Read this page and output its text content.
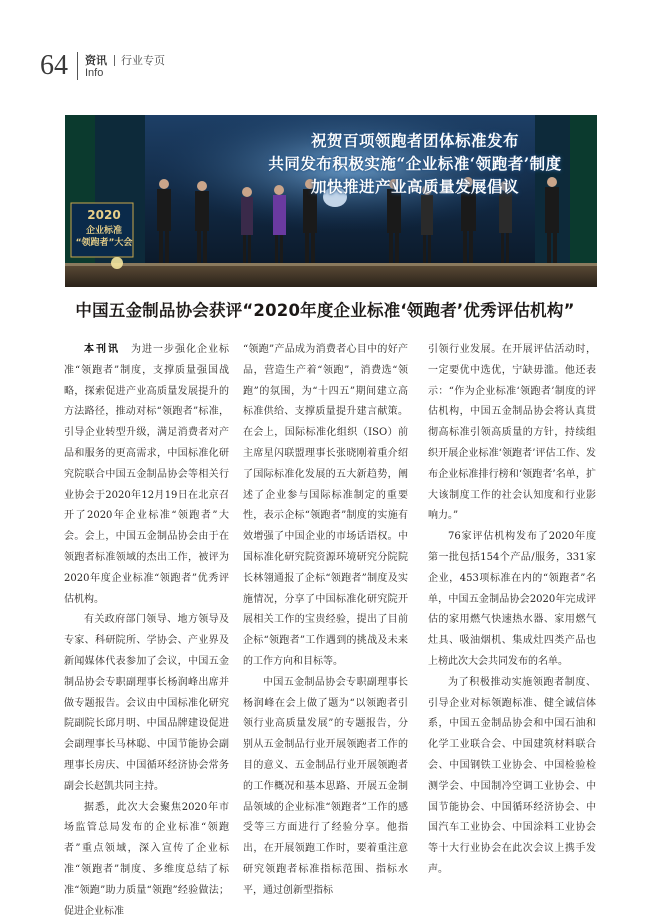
64 资讯 行业专页
Info
祝贺百项领跑者团体标准发布
共同发布积极实施“企业标准‘领跑者’制度
加快推进产业高质量发展倡议
2020
企业标准
“领跑者”大会
中国五金制品协会获评“2020年度企业标准‘领跑者’优秀评估机构”

本刊讯  为进一步强化企业标准“领跑者”制度，支撑质量强国战略，探索促进产业高质量发展提升的方法路径，推动对标“领跑者”标准，引导企业转型升级，满足消费者对产品和服务的更高需求，中国标准化研究院联合中国五金制品协会等相关行业协会于2020年12月19日在北京召开了2020年企业标准“领跑者”大会。会上，中国五金制品协会由于在领跑者标准领域的杰出工作，被评为2020年度企业标准“领跑者”优秀评估机构。

有关政府部门领导、地方领导及专家、科研院所、学协会、产业界及新闻媒体代表参加了会议，中国五金制品协会专职副理事长杨润峰出席并做专题报告。会议由中国标准化研究院副院长邱月明、中国品牌建设促进会副理事长马林聪、中国节能协会副理事长房庆、中国循环经济协会常务副会长赵凯共同主持。

据悉，此次大会聚焦2020年市场监管总局发布的企业标准“领跑者”重点领域，深入宣传了企业标准“领跑者”制度、多维度总结了标准“领跑”助力质量“领跑”经验做法；促进企业标准

“领跑”产品成为消费者心目中的好产品，营造生产着“领跑”，消费选“领跑”的氛围，为“十四五”期间建立高标准供给、支撑质量提升建言献策。在会上，国际标准化组织（ISO）前主席星闪联盟理事长张晓刚着重介绍了国际标准化发展的五大新趋势，阐述了企业参与国际标准制定的重要性，表示企标“领跑者”制度的实施有效增强了中国企业的市场话语权。中国标准化研究院资源环境研究分院院长林翎通报了企标“领跑者”制度及实施情况，分享了中国标准化研究院开展相关工作的宝贵经验，提出了目前企标“领跑者”工作遇到的挑战及未来的工作方向和目标等。

中国五金制品协会专职副理事长杨润峰在会上做了题为“以领跑者引领行业高质量发展”的专题报告，分别从五金制品行业开展领跑者工作的目的意义、五金制品行业开展领跑者的工作概况和基本思路、开展五金制品领域的企业标准“领跑者”工作的感受等三方面进行了经验分享。他指出，在开展领跑工作时，要着重注意研究领跑者标准指标范围、指标水平，通过创新型指标

引领行业发展。在开展评估活动时，一定要优中选优，宁缺毋滥。他还表示：“作为企业标准‘领跑者’制度的评估机构，中国五金制品协会将认真贯彻高标准引领高质量的方针，持续组织开展企业标准‘领跑者’评估工作、发布企业标准排行榜和‘领跑者’名单，扩大该制度工作的社会认知度和行业影响力。”

76家评估机构发布了2020年度第一批包括154个产品/服务，331家企业，453项标准在内的“领跑者”名单，中国五金制品协会2020年完成评估的家用燃气快速热水器、家用燃气灶具、吸油烟机、集成灶四类产品也上榜此次大会共同发布的名单。

为了积极推动实施领跑者制度、引导企业对标领跑标准、健全诚信体系，中国五金制品协会和中国石油和化学工业联合会、中国建筑材料联合会、中国钢铁工业协会、中国检验检测学会、中国制冷空调工业协会、中国节能协会、中国循环经济协会、中国汽车工业协会、中国涂料工业协会等十大行业协会在此次会议上携手发声。
